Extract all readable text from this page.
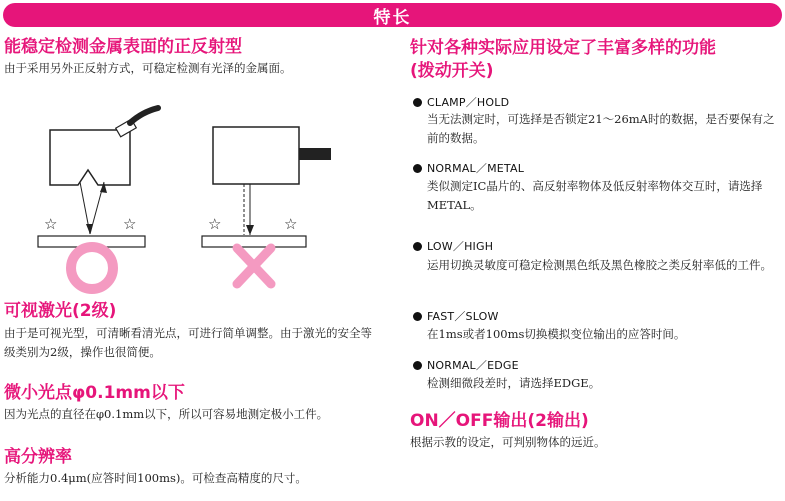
特长
能稳定检测金属表面的正反射型
由于采用另外正反射方式，可稳定检测有光泽的金属面。
☆	☆	☆	☆
可视激光(2级)
由于是可视光型，可清晰看清光点，可进行简单调整。由于激光的安全等级类别为2级，操作也很简便。
微小光点φ0.1mm以下
因为光点的直径在φ0.1mm以下，所以可容易地测定极小工件。
高分辨率
分析能力0.4μm(应答时间100ms)。可检查高精度的尺寸。
针对各种实际应用设定了丰富多样的功能
(拨动开关)
CLAMP／HOLD
当无法测定时，可选择是否锁定21～26mA时的数据，是否要保有之前的数据。
NORMAL／METAL
类似测定IC晶片的、高反射率物体及低反射率物体交互时，请选择METAL。
LOW／HIGH
运用切换灵敏度可稳定检测黑色纸及黑色橡胶之类反射率低的工件。
FAST／SLOW
在1ms或者100ms切换模拟变位输出的应答时间。
NORMAL／EDGE
检测细微段差时，请选择EDGE。
ON／OFF输出(2输出)
根据示教的设定，可判别物体的远近。
